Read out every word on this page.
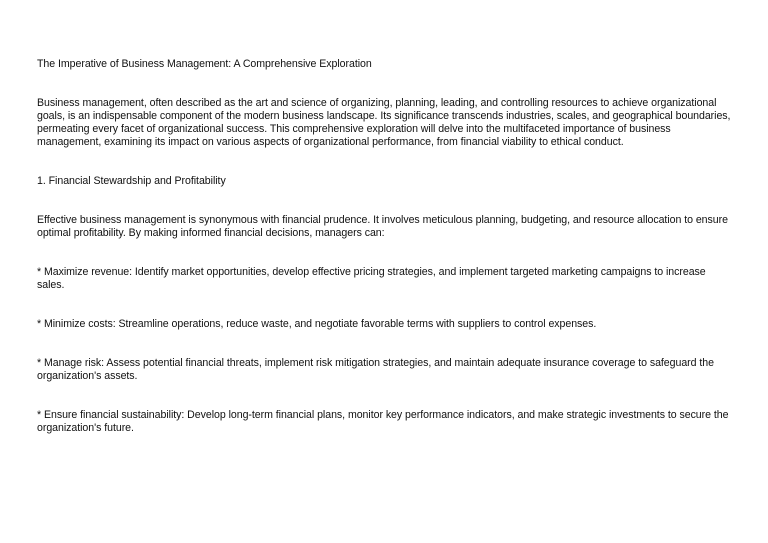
The Imperative of Business Management: A Comprehensive Exploration

Business management, often described as the art and science of organizing, planning, leading, and controlling resources to achieve organizational goals, is an indispensable component of the modern business landscape. Its significance transcends industries, scales, and geographical boundaries, permeating every facet of organizational success. This comprehensive exploration will delve into the multifaceted importance of business management, examining its impact on various aspects of organizational performance, from financial viability to ethical conduct.

1. Financial Stewardship and Profitability

Effective business management is synonymous with financial prudence. It involves meticulous planning, budgeting, and resource allocation to ensure optimal profitability. By making informed financial decisions, managers can:

* Maximize revenue: Identify market opportunities, develop effective pricing strategies, and implement targeted marketing campaigns to increase sales.

* Minimize costs: Streamline operations, reduce waste, and negotiate favorable terms with suppliers to control expenses.

* Manage risk: Assess potential financial threats, implement risk mitigation strategies, and maintain adequate insurance coverage to safeguard the organization's assets.

* Ensure financial sustainability: Develop long-term financial plans, monitor key performance indicators, and make strategic investments to secure the organization's future.
